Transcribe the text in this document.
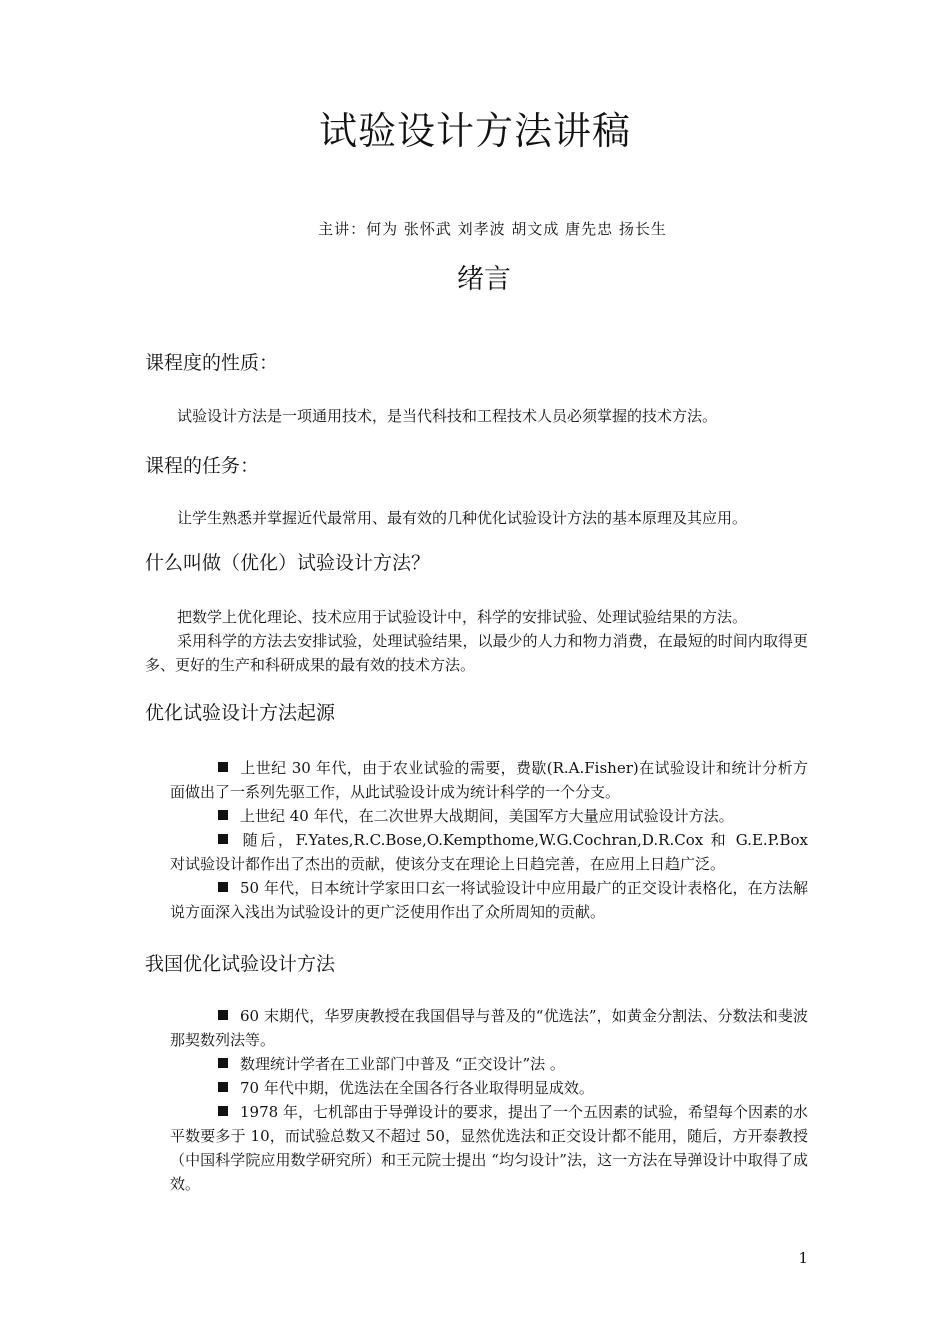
试验设计方法讲稿
主讲：何为 张怀武 刘孝波 胡文成 唐先忠 扬长生
绪言
课程度的性质：

试验设计方法是一项通用技术，是当代科技和工程技术人员必须掌握的技术方法。

课程的任务：

让学生熟悉并掌握近代最常用、最有效的几种优化试验设计方法的基本原理及其应用。

什么叫做（优化）试验设计方法？

把数学上优化理论、技术应用于试验设计中，科学的安排试验、处理试验结果的方法。

采用科学的方法去安排试验，处理试验结果，以最少的人力和物力消费，在最短的时间内取得更多、更好的生产和科研成果的最有效的技术方法。

优化试验设计方法起源

上世纪 30 年代，由于农业试验的需要，费歇(R.A.Fisher)在试验设计和统计分析方面做出了一系列先驱工作，从此试验设计成为统计科学的一个分支。

上世纪 40 年代，在二次世界大战期间，美国军方大量应用试验设计方法。

随后，F.Yates,R.C.Bose,O.Kempthome,W.G.Cochran,D.R.Cox 和 G.E.P.Box 对试验设计都作出了杰出的贡献，使该分支在理论上日趋完善，在应用上日趋广泛。

50 年代，日本统计学家田口玄一将试验设计中应用最广的正交设计表格化，在方法解说方面深入浅出为试验设计的更广泛使用作出了众所周知的贡献。

我国优化试验设计方法

60 末期代，华罗庚教授在我国倡导与普及的“优选法”，如黄金分割法、分数法和斐波那契数列法等。

数理统计学者在工业部门中普及 “正交设计”法 。

70 年代中期，优选法在全国各行各业取得明显成效。

1978 年，七机部由于导弹设计的要求，提出了一个五因素的试验，希望每个因素的水平数要多于 10，而试验总数又不超过 50，显然优选法和正交设计都不能用，随后，方开泰教授（中国科学院应用数学研究所）和王元院士提出 “均匀设计”法，这一方法在导弹设计中取得了成效。

1
